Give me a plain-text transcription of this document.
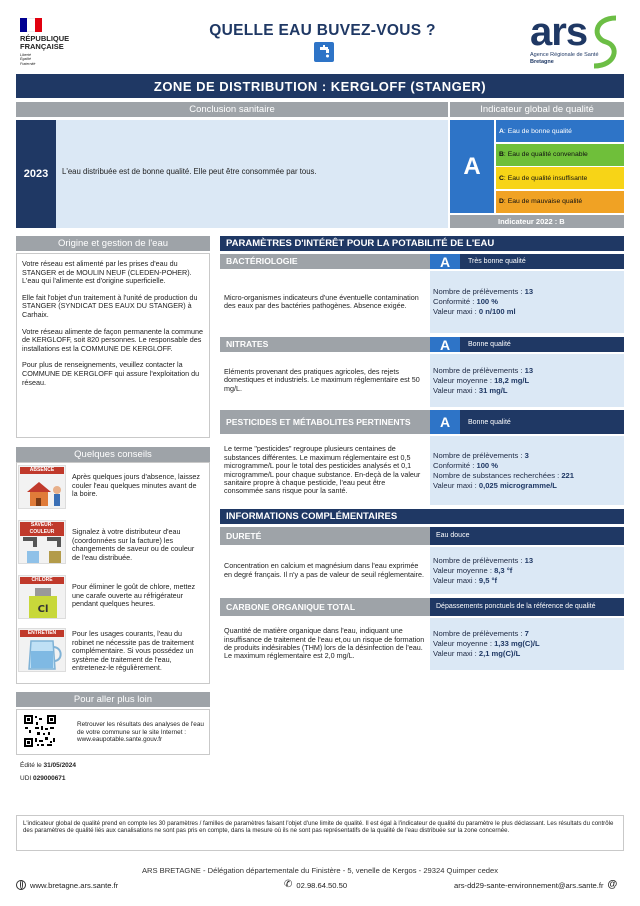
RÉPUBLIQUE
FRANÇAISE
Liberté
Égalité
Fraternité
QUELLE EAU BUVEZ-VOUS ?	ars
Agence Régionale de Santé
Bretagne
ZONE DE DISTRIBUTION : KERGLOFF (STANGER)
Conclusion sanitaire
2023	L'eau distribuée est de bonne qualité. Elle peut être consommée par tous.
Indicateur global de qualité
A
A : Eau de bonne qualité
B : Eau de qualité convenable
C : Eau de qualité insuffisante
D : Eau de mauvaise qualité
Indicateur 2022 : B
Origine et gestion de l'eau
Votre réseau est alimenté par les prises d'eau du STANGER et de MOULIN NEUF (CLEDEN-POHER). L'eau qui l'alimente est d'origine superficielle.
Elle fait l'objet d'un traitement à l'unité de production du STANGER (SYNDICAT DES EAUX DU STANGER) à Carhaix.
Votre réseau alimente de façon permanente la commune de KERGLOFF, soit 820 personnes. Le responsable des installations est la COMMUNE DE KERGLOFF.
Pour plus de renseignements, veuillez contacter la COMMUNE DE KERGLOFF qui assure l'exploitation du réseau.
Quelques conseils
ABSENCE
Après quelques jours d'absence, laissez couler l'eau quelques minutes avant de la boire.
SAVEUR-COULEUR	Signalez à votre distributeur d'eau (coordonnées sur la facture) les changements de saveur ou de couleur de l'eau distribuée.
CHLORE
Cl
Pour éliminer le goût de chlore, mettez une carafe ouverte au réfrigérateur pendant quelques heures.
ENTRETIEN	Pour les usages courants, l'eau du robinet ne nécessite pas de traitement complémentaire. Si vous possédez un système de traitement de l'eau, entretenez-le régulièrement.
Pour aller plus loin
Retrouver les résultats des analyses de l'eau de votre commune sur le site Internet : www.eaupotable.sante.gouv.fr
Édité le 31/05/2024
UDI 029000671
PARAMÈTRES D'INTÉRÊT POUR LA POTABILITÉ DE L'EAU
BACTÉRIOLOGIE	A	Très bonne qualité
Micro-organismes indicateurs d'une éventuelle contamination des eaux par des bactéries pathogènes. Absence exigée.
Nombre de prélèvements : 13
Conformité : 100 %
Valeur maxi : 0 n/100 ml
NITRATES	A	Bonne qualité
Eléments provenant des pratiques agricoles, des rejets domestiques et industriels. Le maximum réglementaire est 50 mg/L.
Nombre de prélèvements : 13
Valeur moyenne : 18,2 mg/L
Valeur maxi : 31 mg/L
PESTICIDES ET MÉTABOLITES PERTINENTS	A	Bonne qualité
Le terme "pesticides" regroupe plusieurs centaines de substances différentes. Le maximum réglementaire est 0,5 microgramme/L pour le total des pesticides analysés et 0,1 microgramme/L pour chaque substance. En-deçà de la valeur sanitaire propre à chaque pesticide, l'eau peut être consommée sans risque pour la santé.
Nombre de prélèvements : 3
Conformité : 100 %
Nombre de substances recherchées : 221
Valeur maxi : 0,025 microgramme/L
INFORMATIONS COMPLÉMENTAIRES
DURETÉ	Eau douce
Concentration en calcium et magnésium dans l'eau exprimée en degré français. Il n'y a pas de valeur de seuil réglementaire.
Nombre de prélèvements : 13
Valeur moyenne : 8,3 °f
Valeur maxi : 9,5 °f
CARBONE ORGANIQUE TOTAL	Dépassements ponctuels de la référence de qualité
Quantité de matière organique dans l'eau, indiquant une insuffisance de traitement de l'eau et,ou un risque de formation de produits indésirables (THM) lors de la désinfection de l'eau. Le maximum réglementaire est 2,0 mg/L.
Nombre de prélèvements : 7
Valeur moyenne : 1,33 mg(C)/L
Valeur maxi : 2,1 mg(C)/L
L'indicateur global de qualité prend en compte les 30 paramètres / familles de paramètres faisant l'objet d'une limite de qualité. Il est égal à l'indicateur de qualité du paramètre le plus déclassant. Les résultats du contrôle des paramètres de qualité liés aux canalisations ne sont pas pris en compte, dans la mesure où ils ne sont pas représentatifs de la qualité de l'eau distribuée sur la zone concernée.
ARS BRETAGNE - Délégation départementale du Finistère - 5, venelle de Kergos - 29324 Quimper cedex
www.bretagne.ars.sante.fr	✆ 02.98.64.50.50	ars-dd29-sante-environnement@ars.sante.fr @
